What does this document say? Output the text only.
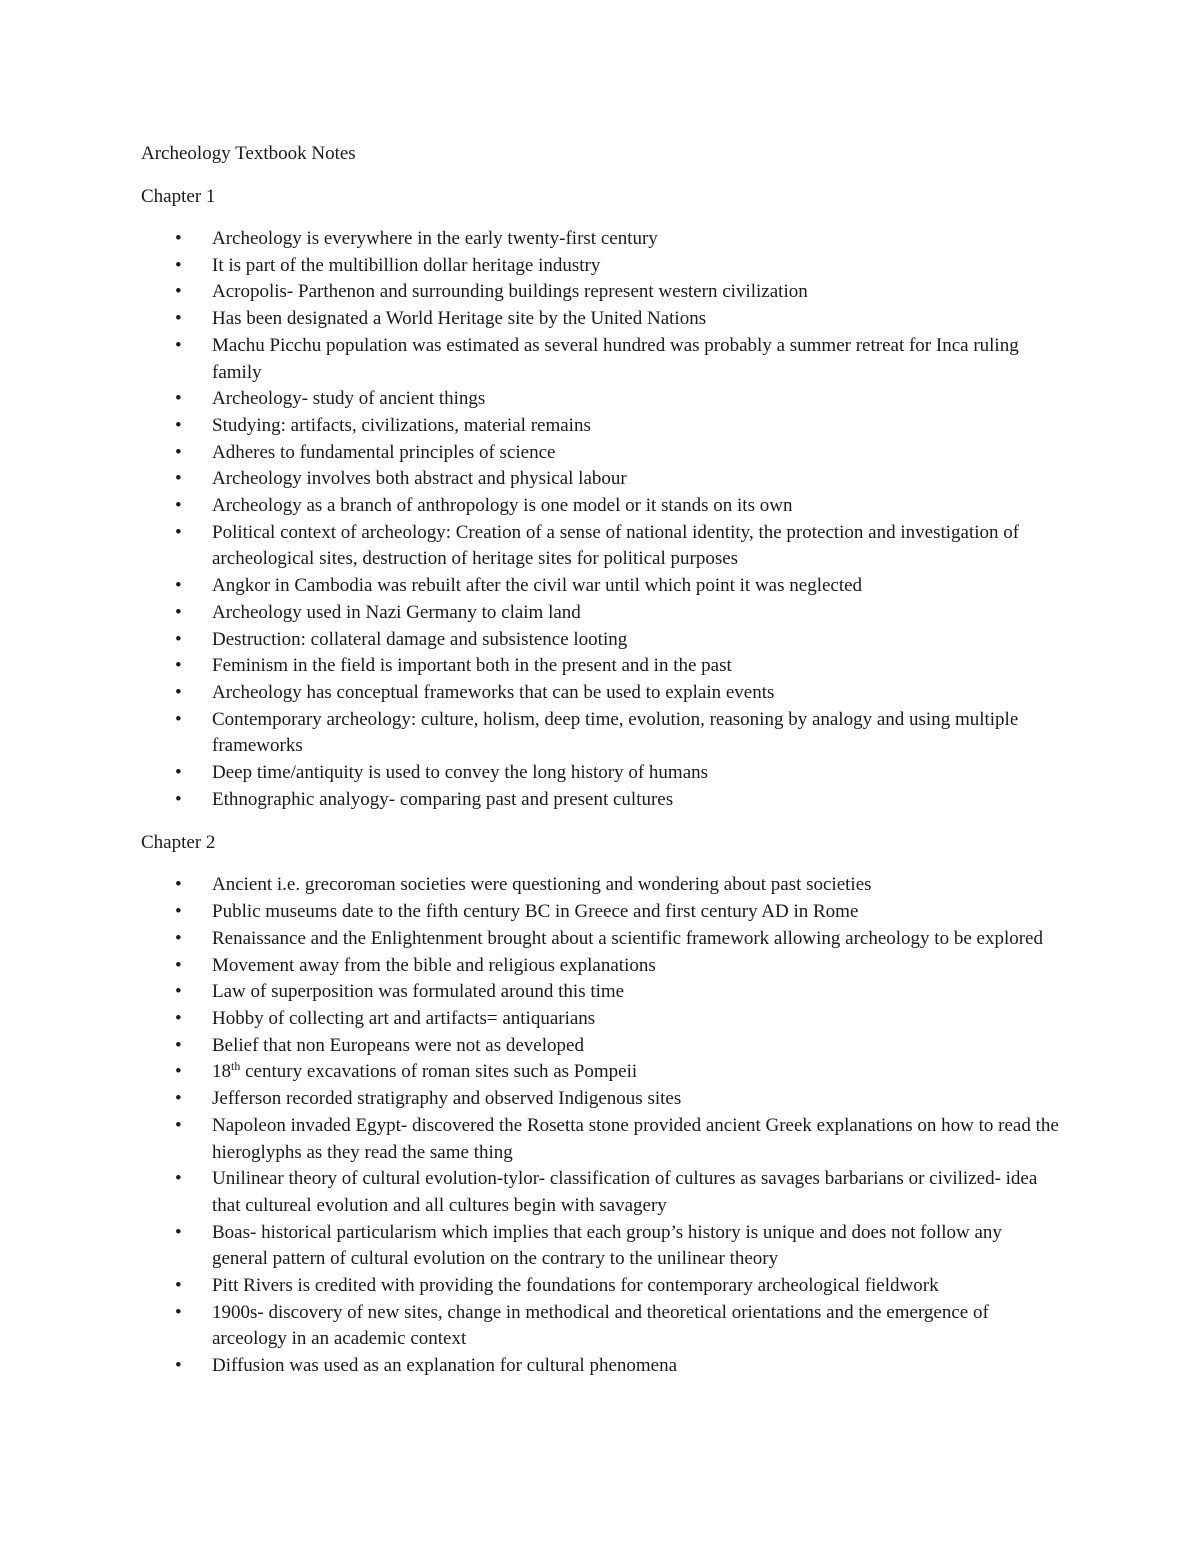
Archeology Textbook Notes

Chapter 1

• Archeology is everywhere in the early twenty-first century
• It is part of the multibillion dollar heritage industry
• Acropolis- Parthenon and surrounding buildings represent western civilization
• Has been designated a World Heritage site by the United Nations
• Machu Picchu population was estimated as several hundred was probably a summer retreat for Inca ruling family
• Archeology- study of ancient things
• Studying: artifacts, civilizations, material remains
• Adheres to fundamental principles of science
• Archeology involves both abstract and physical labour
• Archeology as a branch of anthropology is one model or it stands on its own
• Political context of archeology: Creation of a sense of national identity, the protection and investigation of archeological sites, destruction of heritage sites for political purposes
• Angkor in Cambodia was rebuilt after the civil war until which point it was neglected
• Archeology used in Nazi Germany to claim land
• Destruction: collateral damage and subsistence looting
• Feminism in the field is important both in the present and in the past
• Archeology has conceptual frameworks that can be used to explain events
• Contemporary archeology: culture, holism, deep time, evolution, reasoning by analogy and using multiple frameworks
• Deep time/antiquity is used to convey the long history of humans
• Ethnographic analyogy- comparing past and present cultures

Chapter 2

• Ancient i.e. grecoroman societies were questioning and wondering about past societies
• Public museums date to the fifth century BC in Greece and first century AD in Rome
• Renaissance and the Enlightenment brought about a scientific framework allowing archeology to be explored
• Movement away from the bible and religious explanations
• Law of superposition was formulated around this time
• Hobby of collecting art and artifacts= antiquarians
• Belief that non Europeans were not as developed
• 18th century excavations of roman sites such as Pompeii
• Jefferson recorded stratigraphy and observed Indigenous sites
• Napoleon invaded Egypt- discovered the Rosetta stone provided ancient Greek explanations on how to read the hieroglyphs as they read the same thing
• Unilinear theory of cultural evolution-tylor- classification of cultures as savages barbarians or civilized- idea that cultureal evolution and all cultures begin with savagery
• Boas- historical particularism which implies that each group’s history is unique and does not follow any general pattern of cultural evolution on the contrary to the unilinear theory
• Pitt Rivers is credited with providing the foundations for contemporary archeological fieldwork
• 1900s- discovery of new sites, change in methodical and theoretical orientations and the emergence of arceology in an academic context
• Diffusion was used as an explanation for cultural phenomena
